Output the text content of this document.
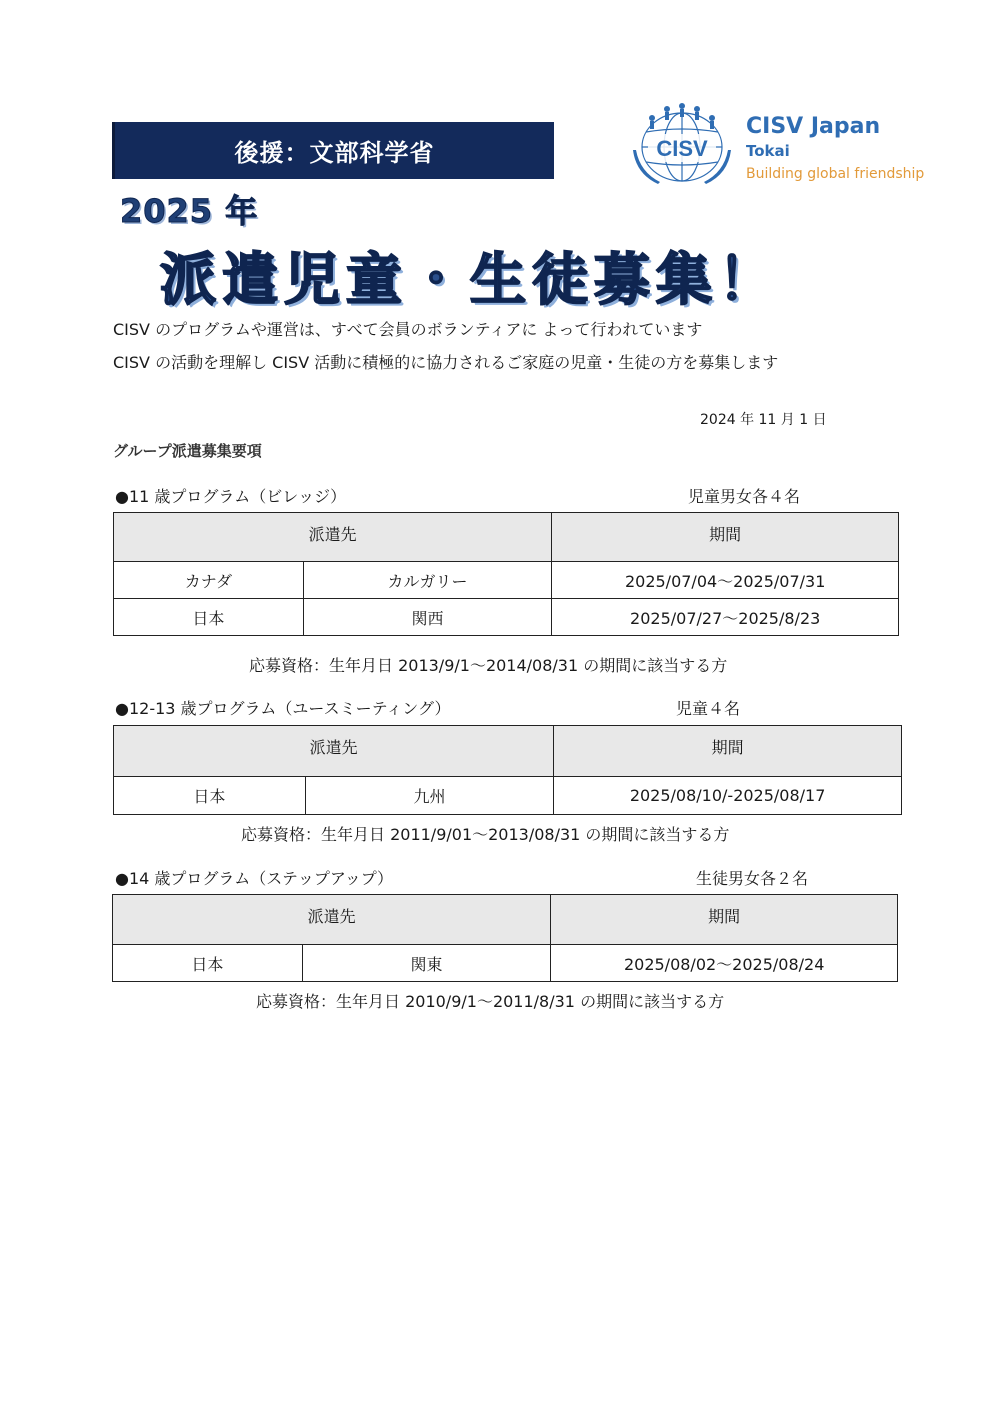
後援：文部科学省	CISV
CISV Japan
Tokai
Building global friendship
2025 年
派遣児童・生徒募集！
CISV のプログラムや運営は、すべて会員のボランティアに よって行われています
CISV の活動を理解し CISV 活動に積極的に協力されるご家庭の児童・生徒の方を募集します
2024 年 11 月 1 日
グループ派遣募集要項
●11 歳プログラム（ビレッジ）	児童男女各４名
派遣先		期間
カナダ	カルガリー	2025/07/04～2025/07/31
日本	関西	2025/07/27～2025/8/23
応募資格：生年月日 2013/9/1～2014/08/31 の期間に該当する方
●12-13 歳プログラム（ユースミーティング）	児童４名
派遣先		期間
日本	九州	2025/08/10/-2025/08/17
応募資格：生年月日 2011/9/01～2013/08/31 の期間に該当する方
●14 歳プログラム（ステップアップ）	生徒男女各２名
派遣先		期間
日本	関東	2025/08/02～2025/08/24
応募資格：生年月日 2010/9/1～2011/8/31 の期間に該当する方
